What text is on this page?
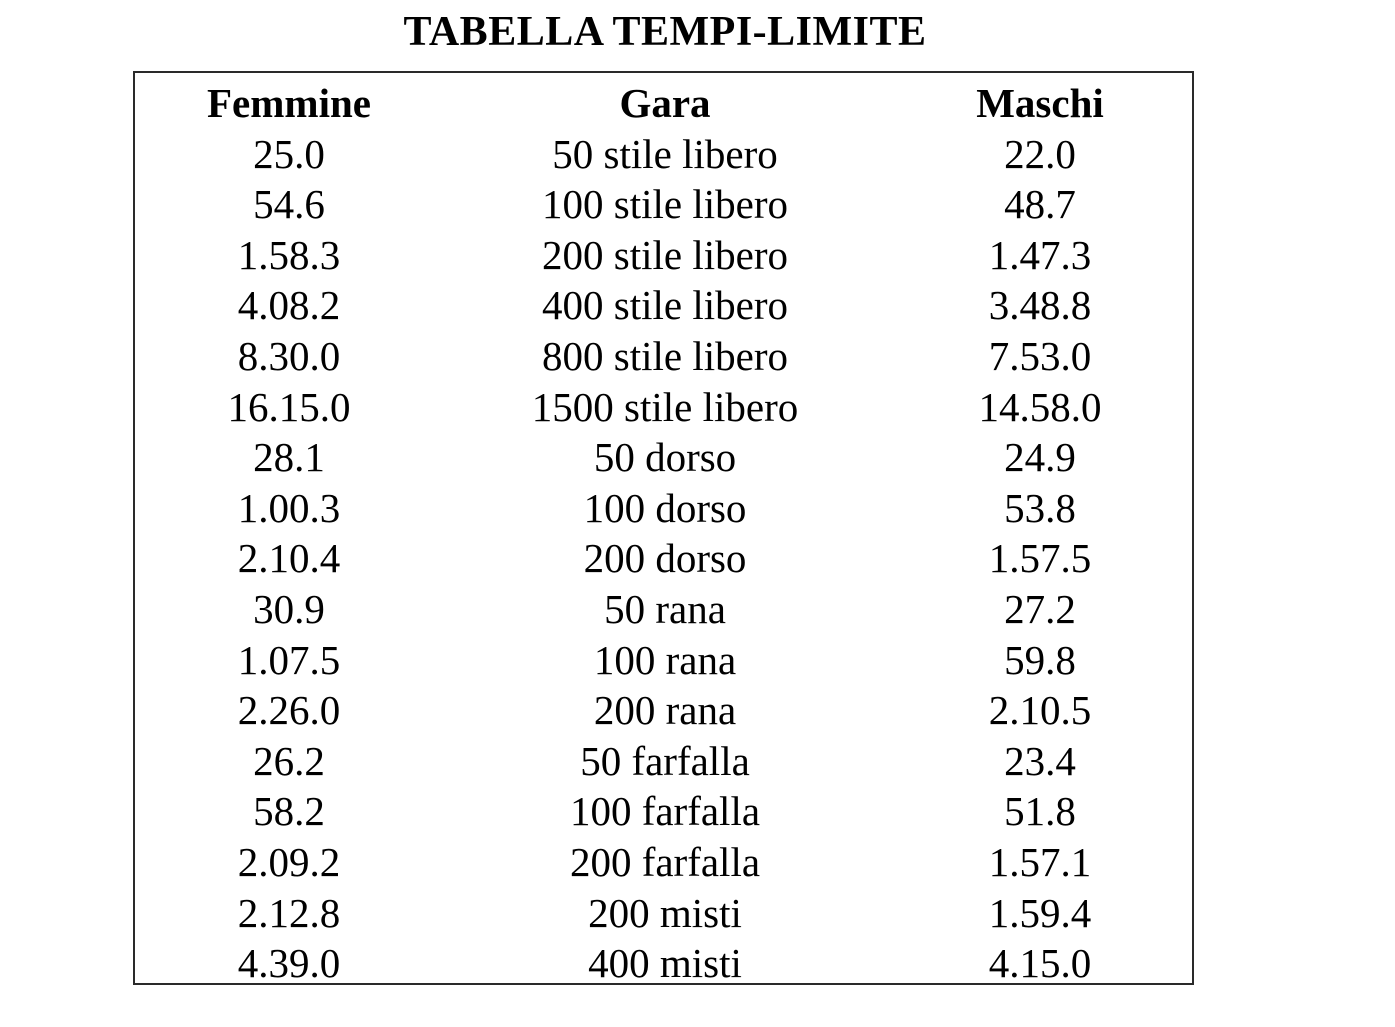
TABELLA TEMPI-LIMITE
Femmine	Gara	Maschi
25.0	50 stile libero	22.0
54.6	100 stile libero	48.7
1.58.3	200 stile libero	1.47.3
4.08.2	400 stile libero	3.48.8
8.30.0	800 stile libero	7.53.0
16.15.0	1500 stile libero	14.58.0
28.1	50 dorso	24.9
1.00.3	100 dorso	53.8
2.10.4	200 dorso	1.57.5
30.9	50 rana	27.2
1.07.5	100 rana	59.8
2.26.0	200 rana	2.10.5
26.2	50 farfalla	23.4
58.2	100 farfalla	51.8
2.09.2	200 farfalla	1.57.1
2.12.8	200 misti	1.59.4
4.39.0	400 misti	4.15.0
